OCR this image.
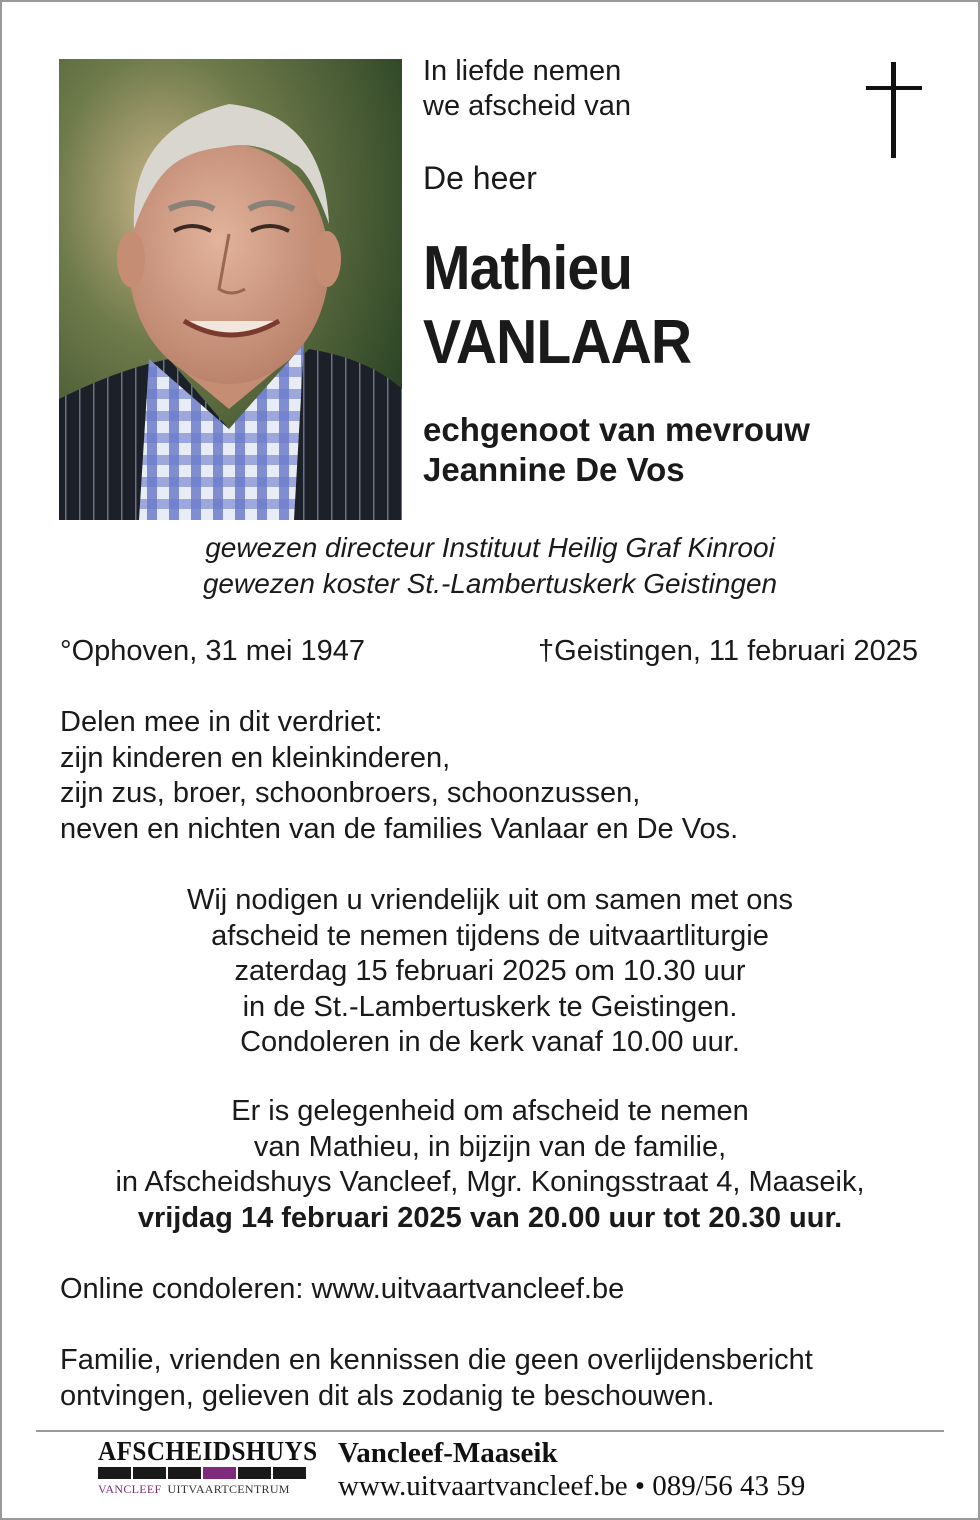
In liefde nemen
we afscheid van
De heer
Mathieu
VANLAAR
echgenoot van mevrouw
Jeannine De Vos
gewezen directeur Instituut Heilig Graf Kinrooi
gewezen koster St.-Lambertuskerk Geistingen
°Ophoven, 31 mei 1947	†Geistingen, 11 februari 2025
Delen mee in dit verdriet:
zijn kinderen en kleinkinderen,
zijn zus, broer, schoonbroers, schoonzussen,
neven en nichten van de families Vanlaar en De Vos.
Wij nodigen u vriendelijk uit om samen met ons
afscheid te nemen tijdens de uitvaartliturgie
zaterdag 15 februari 2025 om 10.30 uur
in de St.-Lambertuskerk te Geistingen.
Condoleren in de kerk vanaf 10.00 uur.
Er is gelegenheid om afscheid te nemen
van Mathieu, in bijzijn van de familie,
in Afscheidshuys Vancleef, Mgr. Koningsstraat 4, Maaseik,
vrijdag 14 februari 2025 van 20.00 uur tot 20.30 uur.
Online condoleren: www.uitvaartvancleef.be
Familie, vrienden en kennissen die geen overlijdensbericht
ontvingen, gelieven dit als zodanig te beschouwen.
AFSCHEIDSHUYS
VANCLEEF UITVAARTCENTRUM
Vancleef-Maaseik
www.uitvaartvancleef.be • 089/56 43 59
